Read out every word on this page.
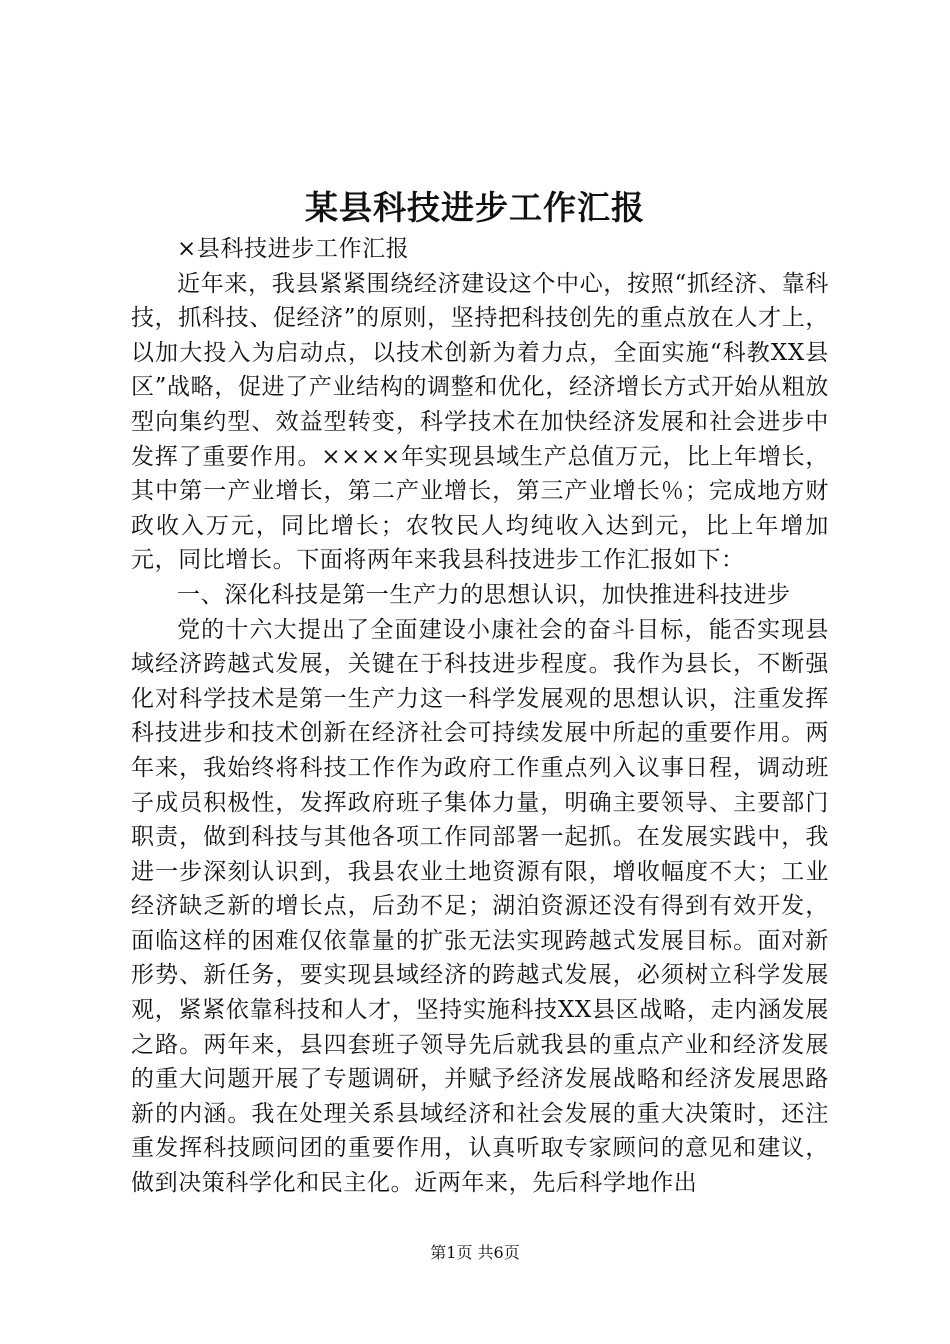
某县科技进步工作汇报

×县科技进步工作汇报

近年来，我县紧紧围绕经济建设这个中心，按照“抓经济、靠科技，抓科技、促经济”的原则，坚持把科技创先的重点放在人才上，以加大投入为启动点，以技术创新为着力点，全面实施“科教XX县区”战略，促进了产业结构的调整和优化，经济增长方式开始从粗放型向集约型、效益型转变，科学技术在加快经济发展和社会进步中发挥了重要作用。××××年实现县域生产总值万元，比上年增长，其中第一产业增长，第二产业增长，第三产业增长％；完成地方财政收入万元，同比增长；农牧民人均纯收入达到元，比上年增加元，同比增长。下面将两年来我县科技进步工作汇报如下：

一、深化科技是第一生产力的思想认识，加快推进科技进步

党的十六大提出了全面建设小康社会的奋斗目标，能否实现县域经济跨越式发展，关键在于科技进步程度。我作为县长，不断强化对科学技术是第一生产力这一科学发展观的思想认识，注重发挥科技进步和技术创新在经济社会可持续发展中所起的重要作用。两年来，我始终将科技工作作为政府工作重点列入议事日程，调动班子成员积极性，发挥政府班子集体力量，明确主要领导、主要部门职责，做到科技与其他各项工作同部署一起抓。在发展实践中，我进一步深刻认识到，我县农业土地资源有限，增收幅度不大；工业经济缺乏新的增长点，后劲不足；湖泊资源还没有得到有效开发，面临这样的困难仅依靠量的扩张无法实现跨越式发展目标。面对新形势、新任务，要实现县域经济的跨越式发展，必须树立科学发展观，紧紧依靠科技和人才，坚持实施科技XX县区战略，走内涵发展之路。两年来，县四套班子领导先后就我县的重点产业和经济发展的重大问题开展了专题调研，并赋予经济发展战略和经济发展思路新的内涵。我在处理关系县域经济和社会发展的重大决策时，还注重发挥科技顾问团的重要作用，认真听取专家顾问的意见和建议，做到决策科学化和民主化。近两年来，先后科学地作出

第1页 共6页
